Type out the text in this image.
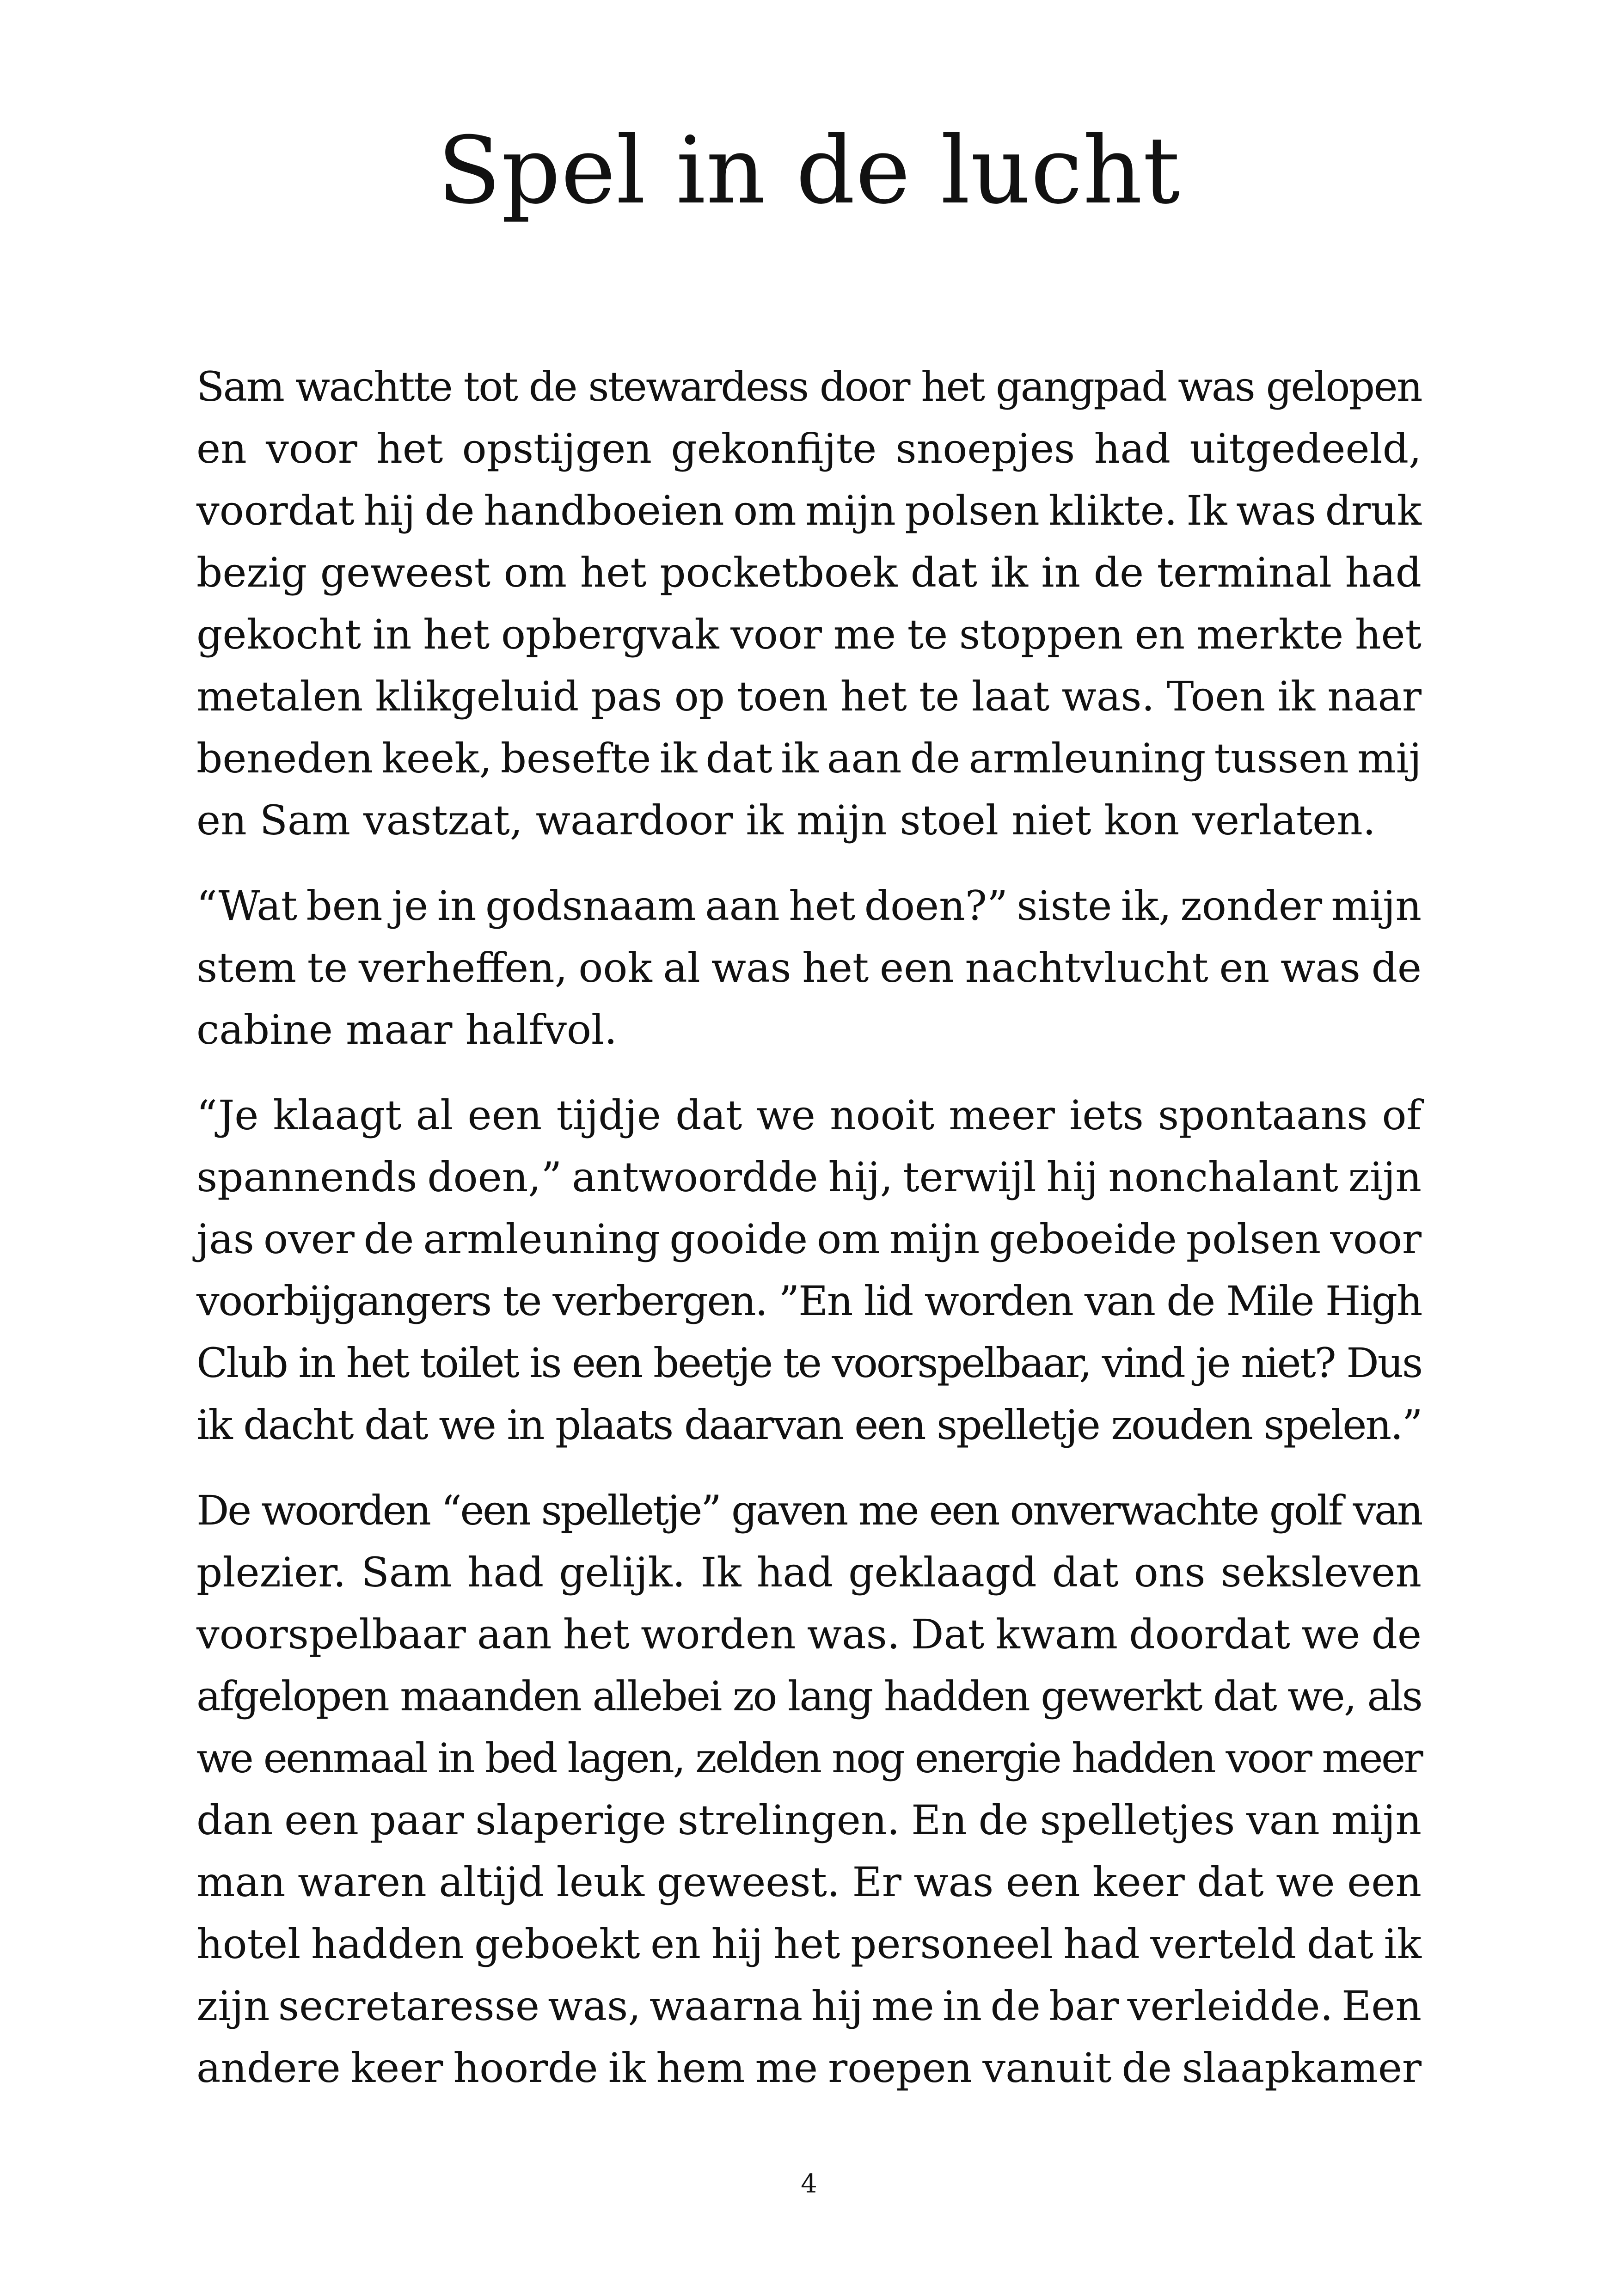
Spel in de lucht

Sam wachtte tot de stewardess door het gangpad was gelopen
en voor het opstijgen gekonfijte snoepjes had uitgedeeld,
voordat hij de handboeien om mijn polsen klikte. Ik was druk
bezig geweest om het pocketboek dat ik in de terminal had
gekocht in het opbergvak voor me te stoppen en merkte het
metalen klikgeluid pas op toen het te laat was. Toen ik naar
beneden keek, besefte ik dat ik aan de armleuning tussen mij
en Sam vastzat, waardoor ik mijn stoel niet kon verlaten.

“Wat ben je in godsnaam aan het doen?” siste ik, zonder mijn
stem te verheffen, ook al was het een nachtvlucht en was de
cabine maar halfvol.

“Je klaagt al een tijdje dat we nooit meer iets spontaans of
spannends doen,” antwoordde hij, terwijl hij nonchalant zijn
jas over de armleuning gooide om mijn geboeide polsen voor
voorbijgangers te verbergen. ”En lid worden van de Mile High
Club in het toilet is een beetje te voorspelbaar, vind je niet? Dus
ik dacht dat we in plaats daarvan een spelletje zouden spelen.”

De woorden “een spelletje” gaven me een onverwachte golf van
plezier. Sam had gelijk. Ik had geklaagd dat ons seksleven
voorspelbaar aan het worden was. Dat kwam doordat we de
afgelopen maanden allebei zo lang hadden gewerkt dat we, als
we eenmaal in bed lagen, zelden nog energie hadden voor meer
dan een paar slaperige strelingen. En de spelletjes van mijn
man waren altijd leuk geweest. Er was een keer dat we een
hotel hadden geboekt en hij het personeel had verteld dat ik
zijn secretaresse was, waarna hij me in de bar verleidde. Een
andere keer hoorde ik hem me roepen vanuit de slaapkamer

4
